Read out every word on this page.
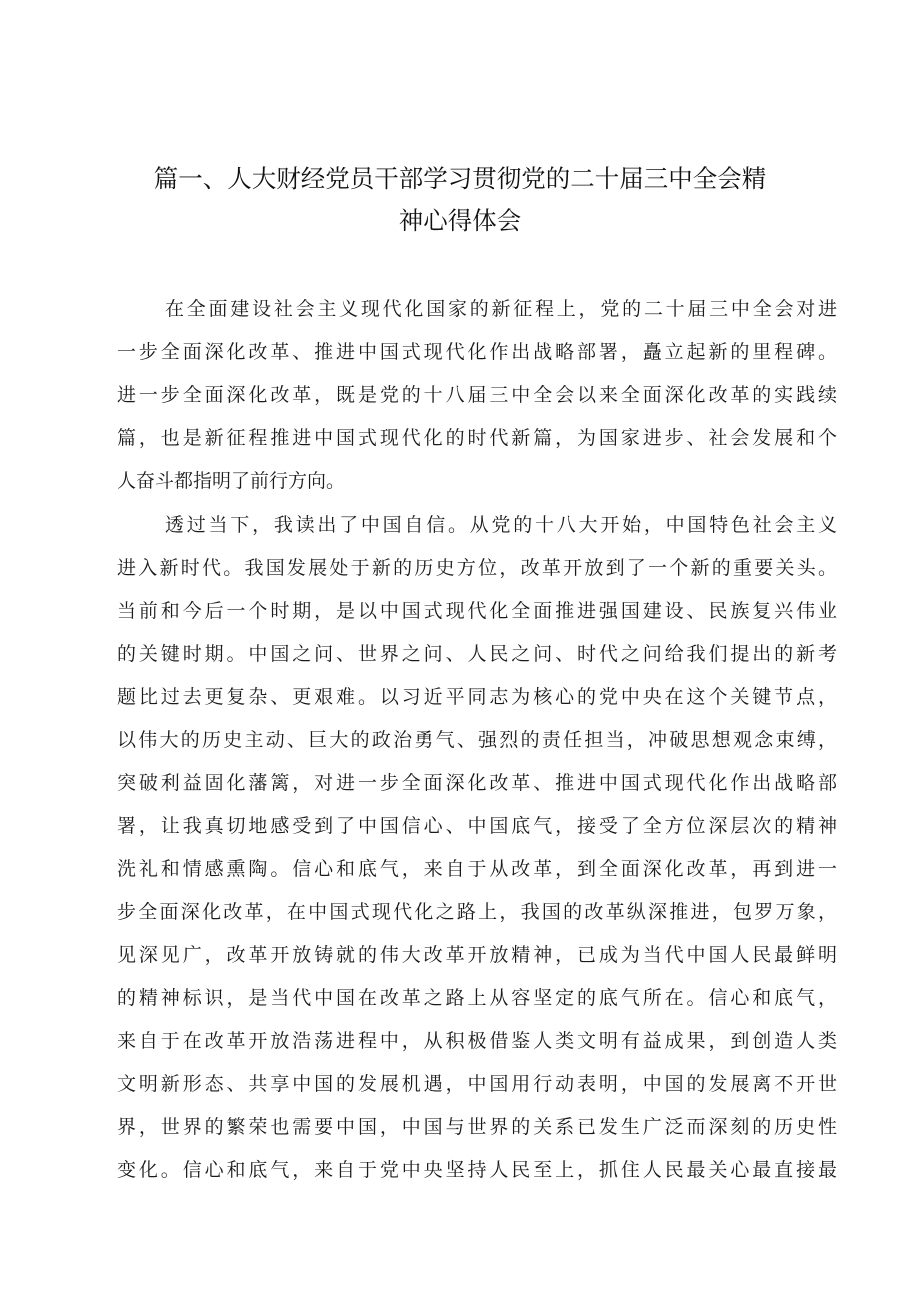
篇一、人大财经党员干部学习贯彻党的二十届三中全会精
神心得体会
在全面建设社会主义现代化国家的新征程上，党的二十届三中全会对进
一步全面深化改革、推进中国式现代化作出战略部署，矗立起新的里程碑。
进一步全面深化改革，既是党的十八届三中全会以来全面深化改革的实践续
篇，也是新征程推进中国式现代化的时代新篇，为国家进步、社会发展和个
人奋斗都指明了前行方向。
透过当下，我读出了中国自信。从党的十八大开始，中国特色社会主义
进入新时代。我国发展处于新的历史方位，改革开放到了一个新的重要关头。
当前和今后一个时期，是以中国式现代化全面推进强国建设、民族复兴伟业
的关键时期。中国之问、世界之问、人民之问、时代之问给我们提出的新考
题比过去更复杂、更艰难。以习近平同志为核心的党中央在这个关键节点，
以伟大的历史主动、巨大的政治勇气、强烈的责任担当，冲破思想观念束缚，
突破利益固化藩篱，对进一步全面深化改革、推进中国式现代化作出战略部
署，让我真切地感受到了中国信心、中国底气，接受了全方位深层次的精神
洗礼和情感熏陶。信心和底气，来自于从改革，到全面深化改革，再到进一
步全面深化改革，在中国式现代化之路上，我国的改革纵深推进，包罗万象，
见深见广，改革开放铸就的伟大改革开放精神，已成为当代中国人民最鲜明
的精神标识，是当代中国在改革之路上从容坚定的底气所在。信心和底气，
来自于在改革开放浩荡进程中，从积极借鉴人类文明有益成果，到创造人类
文明新形态、共享中国的发展机遇，中国用行动表明，中国的发展离不开世
界，世界的繁荣也需要中国，中国与世界的关系已发生广泛而深刻的历史性
变化。信心和底气，来自于党中央坚持人民至上，抓住人民最关心最直接最
